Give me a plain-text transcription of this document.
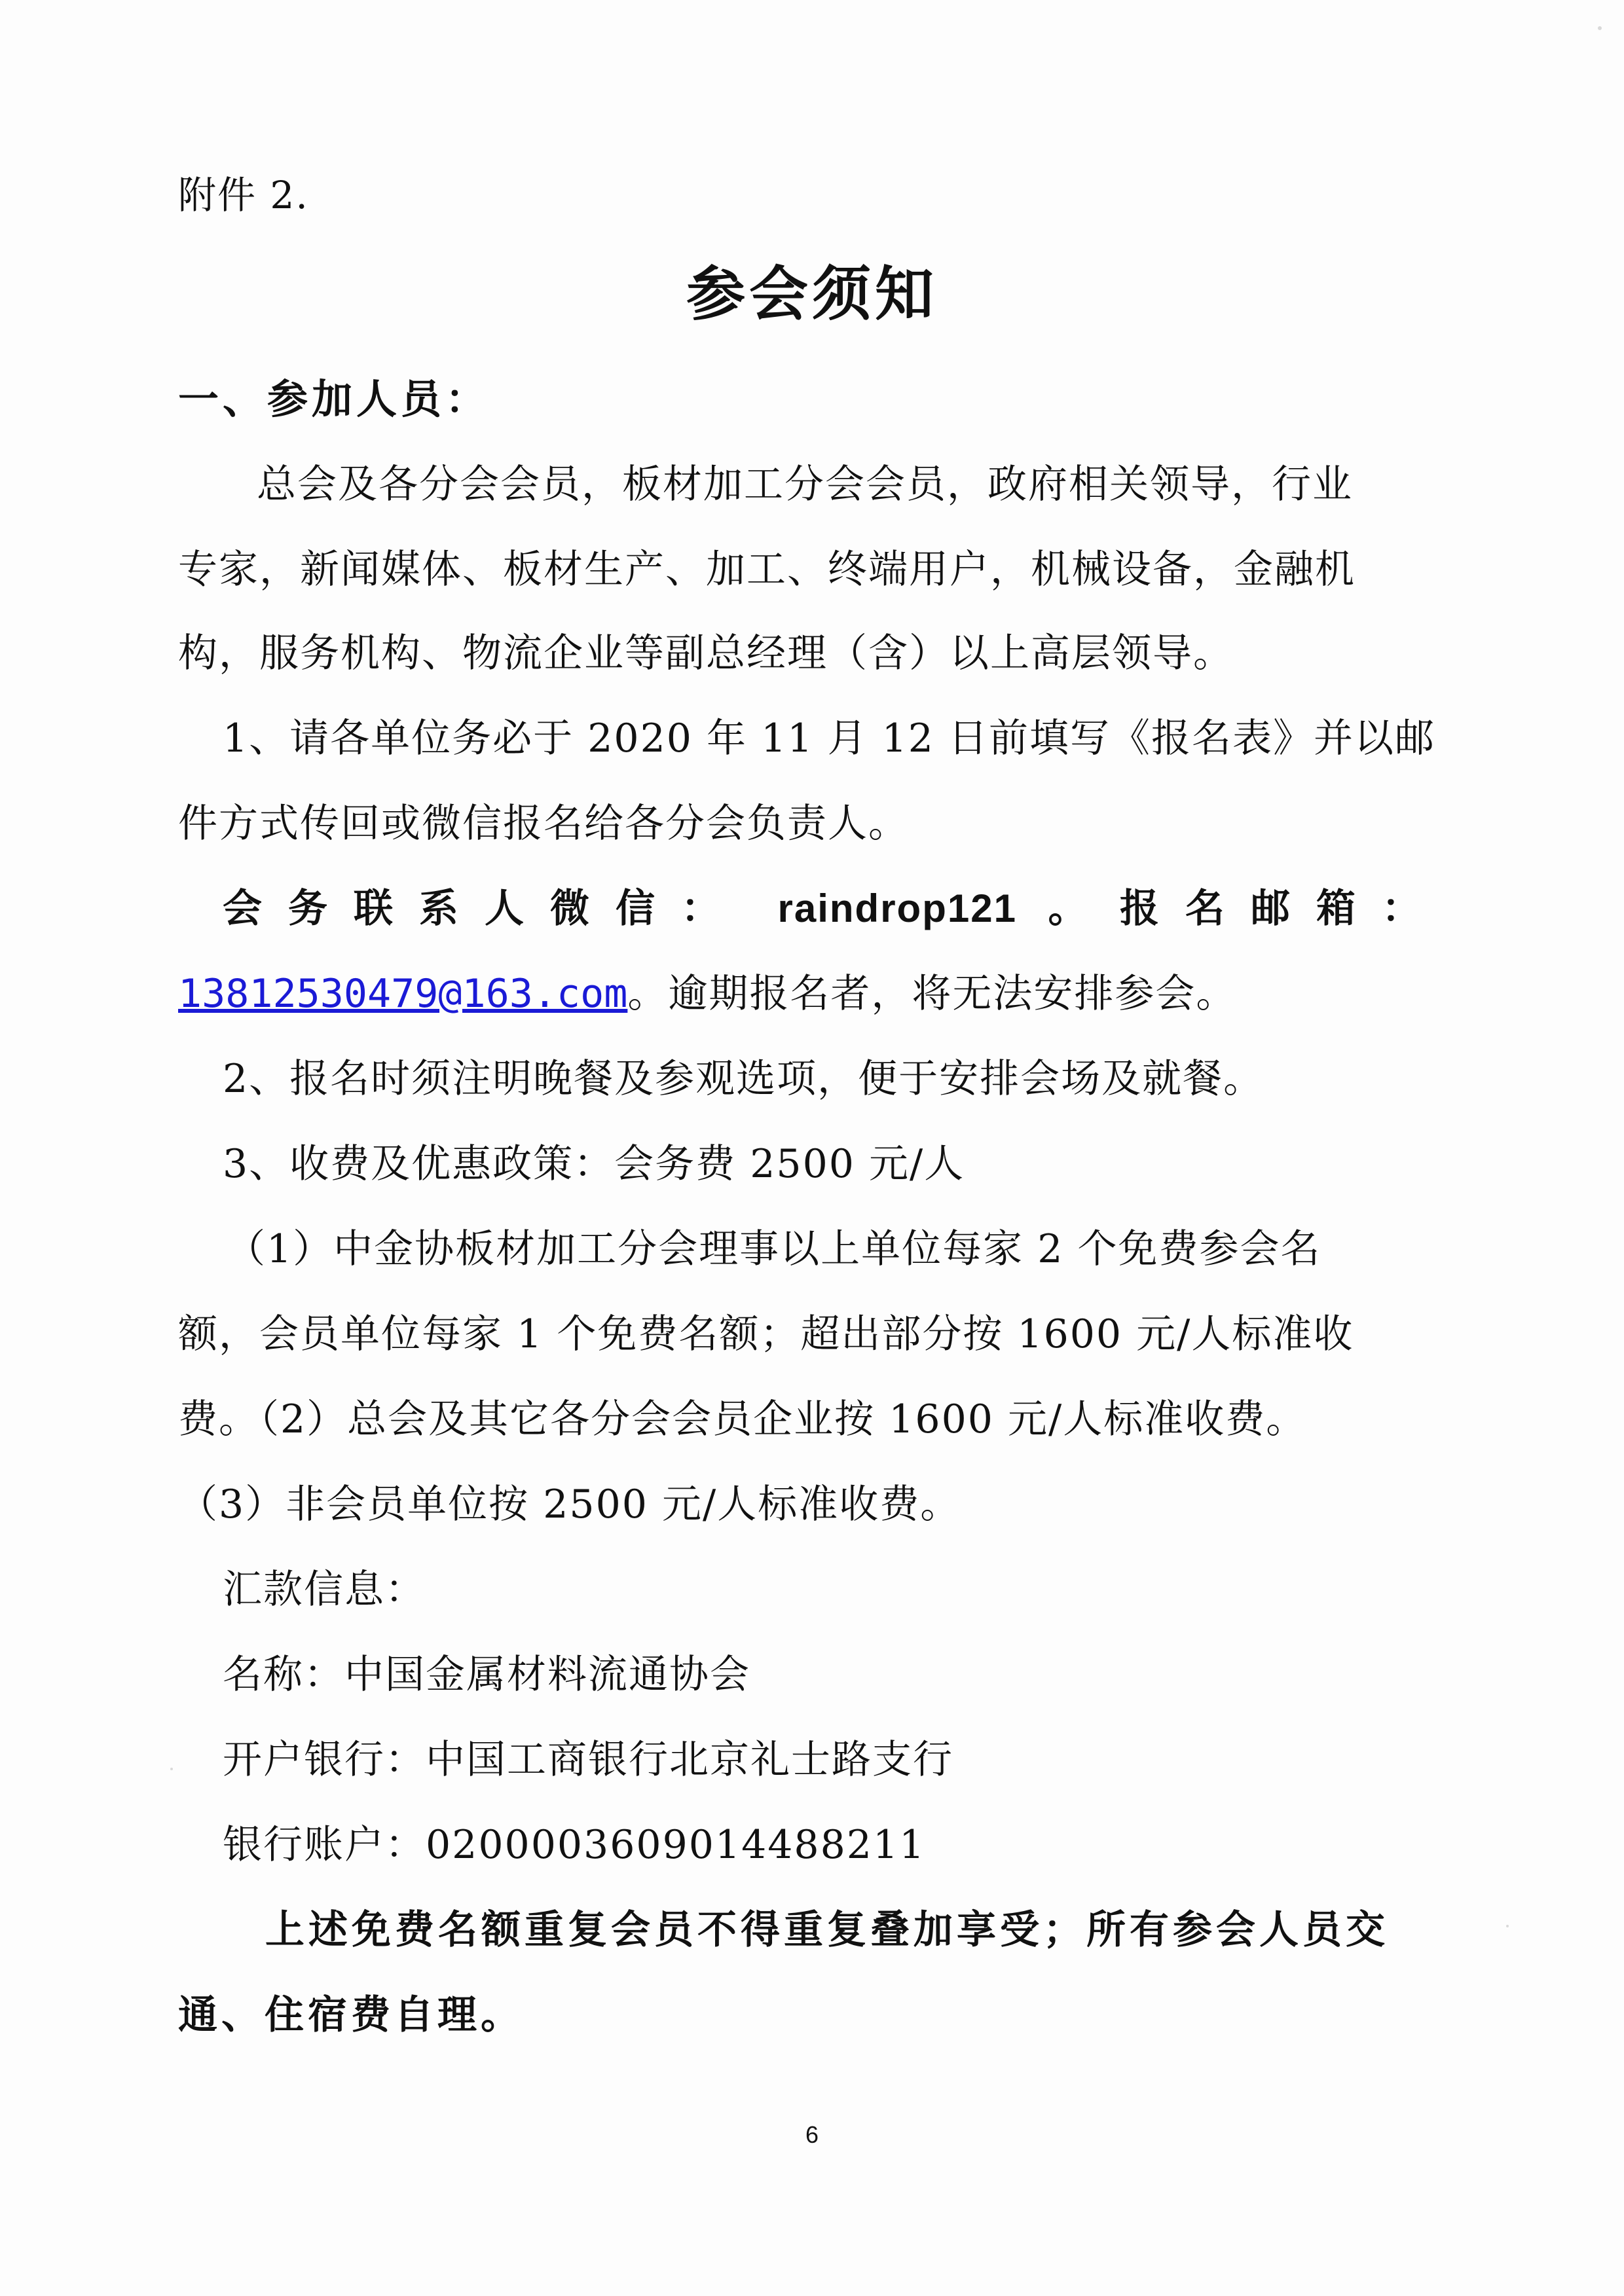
附件 2.
参会须知
一、参加人员：
总会及各分会会员，板材加工分会会员，政府相关领导，行业
专家，新闻媒体、板材生产、加工、终端用户，机械设备，金融机
构，服务机构、物流企业等副总经理（含）以上高层领导。
1、请各单位务必于 2020 年 11 月 12 日前填写《报名表》并以邮
件方式传回或微信报名给各分会负责人。
会务联系人微信： raindrop121 。 报名邮箱：
13812530479@163.com。逾期报名者，将无法安排参会。
2、报名时须注明晚餐及参观选项，便于安排会场及就餐。
3、收费及优惠政策：会务费 2500 元/人
（1）中金协板材加工分会理事以上单位每家 2 个免费参会名
额，会员单位每家 1 个免费名额；超出部分按 1600 元/人标准收
费。（2）总会及其它各分会会员企业按 1600 元/人标准收费。
（3）非会员单位按 2500 元/人标准收费。
汇款信息：
名称：中国金属材料流通协会
开户银行：中国工商银行北京礼士路支行
银行账户：0200003609014488211
上述免费名额重复会员不得重复叠加享受；所有参会人员交
通、住宿费自理。
6
